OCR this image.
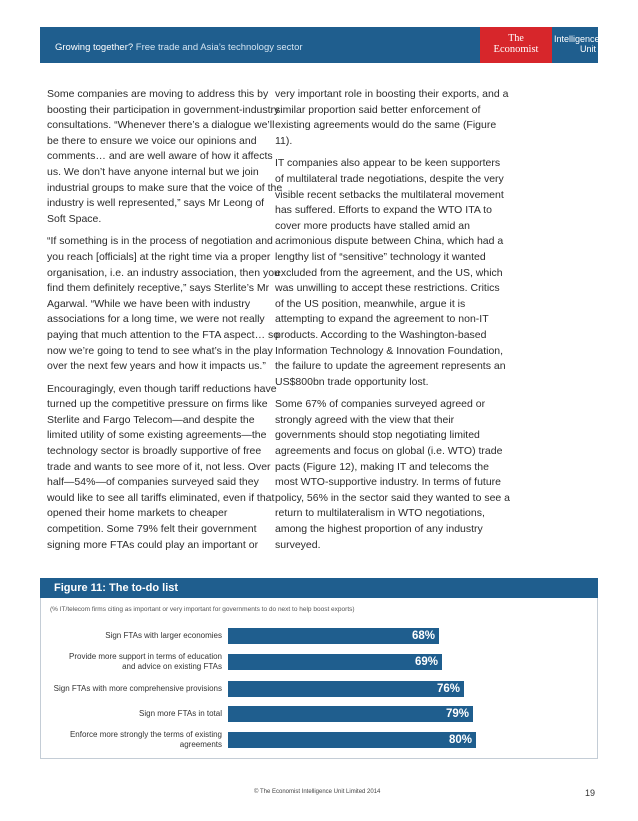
Growing together? Free trade and Asia’s technology sector
The
Economist
Intelligence
Unit

Some companies are moving to address this by boosting their participation in government-industry consultations. “Whenever there’s a dialogue we’ll be there to ensure we voice our opinions and comments… and are well aware of how it affects us. We don’t have anyone internal but we join industrial groups to make sure that the voice of the industry is well represented,” says Mr Leong of Soft Space.

“If something is in the process of negotiation and you reach [officials] at the right time via a proper organisation, i.e. an industry association, then you find them definitely receptive,” says Sterlite’s Mr Agarwal. “While we have been with industry associations for a long time, we were not really paying that much attention to the FTA aspect… so now we’re going to tend to see what’s in the play over the next few years and how it impacts us.”

Encouragingly, even though tariff reductions have turned up the competitive pressure on firms like Sterlite and Fargo Telecom—and despite the limited utility of some existing agreements—the technology sector is broadly supportive of free trade and wants to see more of it, not less. Over half—54%—of companies surveyed said they would like to see all tariffs eliminated, even if that opened their home markets to cheaper competition. Some 79% felt their government signing more FTAs could play an important or

very important role in boosting their exports, and a similar proportion said better enforcement of existing agreements would do the same (Figure 11).

IT companies also appear to be keen supporters of multilateral trade negotiations, despite the very visible recent setbacks the multilateral movement has suffered. Efforts to expand the WTO ITA to cover more products have stalled amid an acrimonious dispute between China, which had a lengthy list of “sensitive” technology it wanted excluded from the agreement, and the US, which was unwilling to accept these restrictions. Critics of the US position, meanwhile, argue it is attempting to expand the agreement to non-IT products. According to the Washington-based Information Technology & Innovation Foundation, the failure to update the agreement represents an US$800bn trade opportunity lost.

Some 67% of companies surveyed agreed or strongly agreed with the view that their governments should stop negotiating limited agreements and focus on global (i.e. WTO) trade pacts (Figure 12), making IT and telecoms the most WTO-supportive industry. In terms of future policy, 56% in the sector said they wanted to see a return to multilateralism in WTO negotiations, among the highest proportion of any industry surveyed.

Figure 11: The to-do list
(% IT/telecom firms citing as important or very important for governments to do next to help boost exports)
Sign FTAs with larger economies	68%
Provide more support in terms of education
and advice on existing FTAs	69%
Sign FTAs with more comprehensive provisions	76%
Sign more FTAs in total	79%
Enforce more strongly the terms of existing
agreements	80%
© The Economist Intelligence Unit Limited 2014	19
